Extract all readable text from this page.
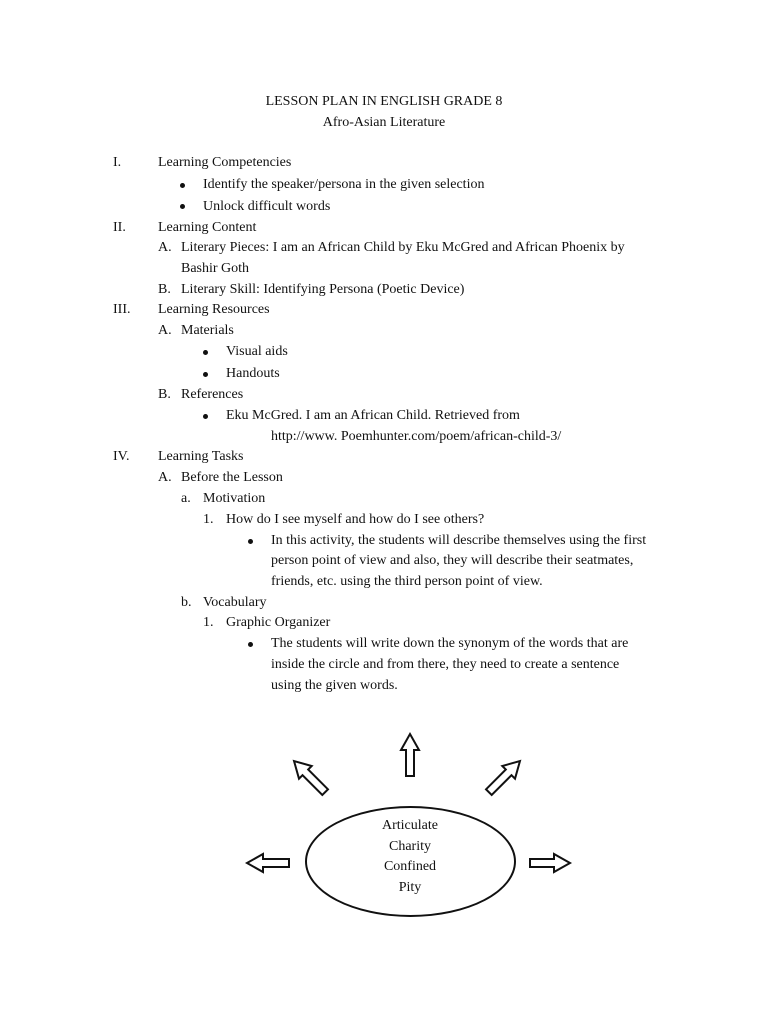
LESSON PLAN IN ENGLISH GRADE 8
Afro-Asian Literature
I.	Learning Competencies
Identify the speaker/persona in the given selection
Unlock difficult words
II. Learning Content
A. Literary Pieces: I am an African Child by Eku McGred and African Phoenix by
Bashir Goth
B. Literary Skill: Identifying Persona (Poetic Device)
III. Learning Resources
A. Materials
Visual aids
Handouts
B. References
Eku McGred. I am an African Child. Retrieved from
http://www. Poemhunter.com/poem/african-child-3/
IV. Learning Tasks
A. Before the Lesson
a. Motivation
1. How do I see myself and how do I see others?
In this activity, the students will describe themselves using the first
person point of view and also, they will describe their seatmates,
friends, etc. using the third person point of view.
b. Vocabulary
1. Graphic Organizer
The students will write down the synonym of the words that are
inside the circle and from there, they need to create a sentence
using the given words.
Articulate
Charity
Confined
Pity
